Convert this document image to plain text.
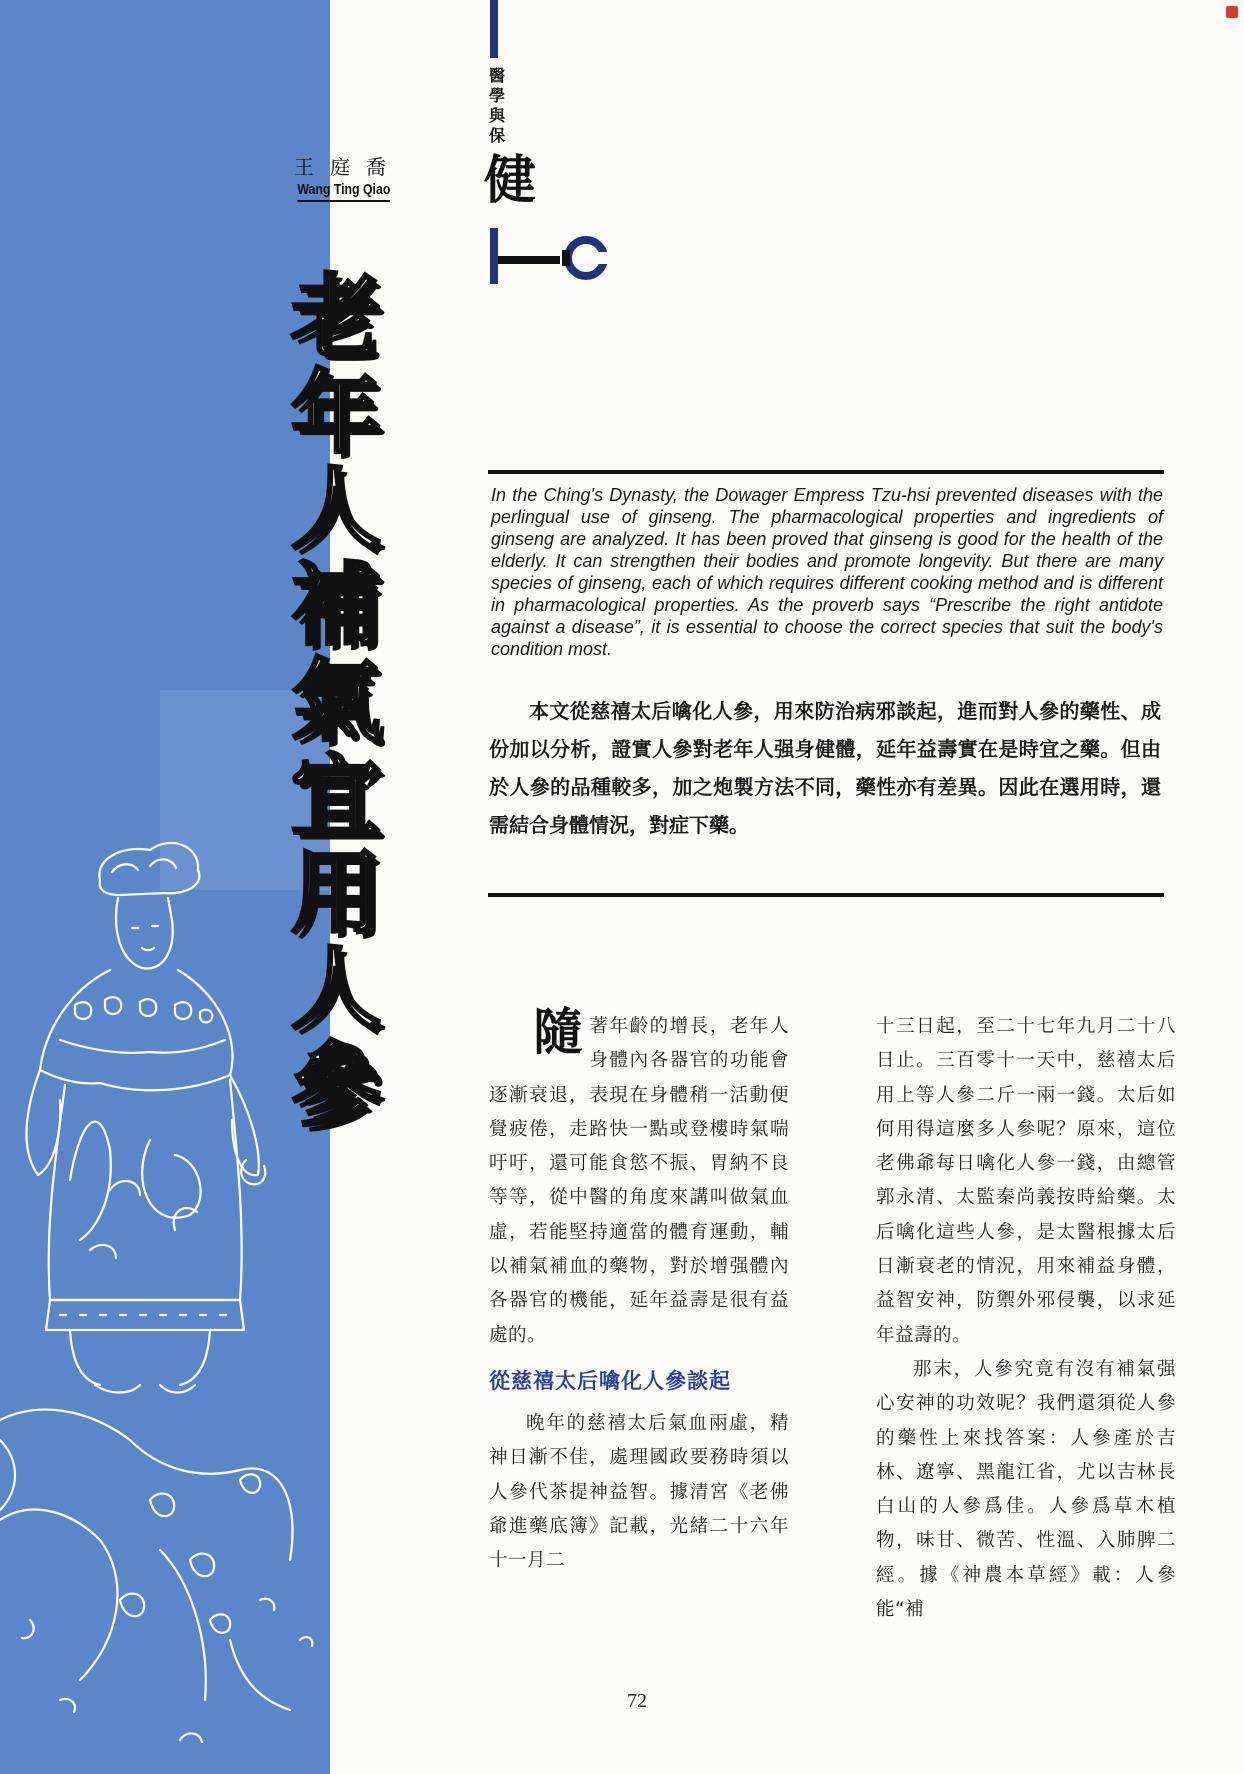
王庭喬
Wang Ting Qiao
老
年
人
補
氣
宜
用
人
參
醫
學
與
保
健
In the Ching's Dynasty, the Dowager Empress Tzu-hsi prevented diseases with the perlingual use of ginseng. The pharmacological properties and ingredients of ginseng are analyzed. It has been proved that ginseng is good for the health of the elderly. It can strengthen their bodies and promote longevity. But there are many species of ginseng, each of which requires different cooking method and is different in pharmacological properties. As the proverb says “Prescribe the right antidote against a disease”, it is essential to choose the correct species that suit the body's condition most.
本文從慈禧太后噙化人參，用來防治病邪談起，進而對人參的藥性、成份加以分析，證實人參對老年人强身健體，延年益壽實在是時宜之藥。但由於人參的品種較多，加之炮製方法不同，藥性亦有差異。因此在選用時，還需結合身體情況，對症下藥。

隨著年齡的增長，老年人身體內各器官的功能會逐漸衰退，表現在身體稍一活動便覺疲倦，走路快一點或登樓時氣喘吁吁，還可能食慾不振、胃納不良等等，從中醫的角度來講叫做氣血虛，若能堅持適當的體育運動，輔以補氣補血的藥物，對於增强體內各器官的機能，延年益壽是很有益處的。

從慈禧太后噙化人參談起

晚年的慈禧太后氣血兩虛，精神日漸不佳，處理國政要務時須以人參代茶提神益智。據清宮《老佛爺進藥底簿》記載，光緒二十六年十一月二

十三日起，至二十七年九月二十八日止。三百零十一天中，慈禧太后用上等人參二斤一兩一錢。太后如何用得這麼多人參呢？原來，這位老佛爺每日噙化人參一錢，由總管郭永清、太監秦尚義按時給藥。太后噙化這些人參，是太醫根據太后日漸衰老的情況，用來補益身體，益智安神，防禦外邪侵襲，以求延年益壽的。

那末，人參究竟有沒有補氣强心安神的功效呢？我們還須從人參的藥性上來找答案：人參產於吉林、遼寧、黑龍江省，尤以吉林長白山的人參爲佳。人參爲草木植物，味甘、微苦、性溫、入肺脾二經。據《神農本草經》載：人參能“補

72
